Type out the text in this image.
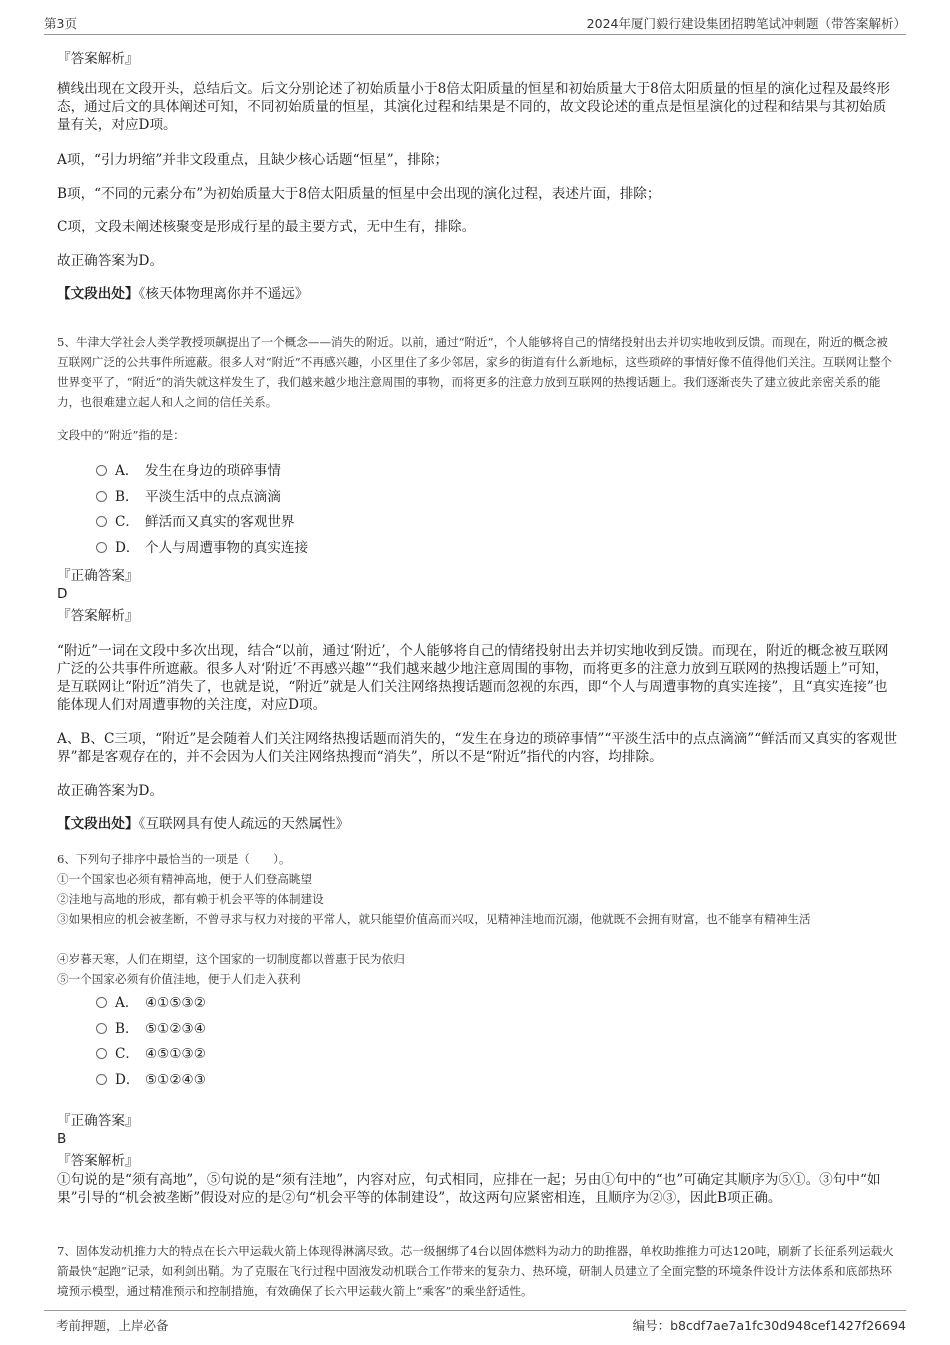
第3页	2024年厦门毅行建设集团招聘笔试冲刺题（带答案解析）
『答案解析』
横线出现在文段开头，总结后文。后文分别论述了初始质量小于8倍太阳质量的恒星和初始质量大于8倍太阳质量的恒星的演化过程及最终形态，通过后文的具体阐述可知，不同初始质量的恒星，其演化过程和结果是不同的，故文段论述的重点是恒星演化的过程和结果与其初始质量有关，对应D项。
A项，“引力坍缩”并非文段重点，且缺少核心话题“恒星”，排除；
B项，“不同的元素分布”为初始质量大于8倍太阳质量的恒星中会出现的演化过程，表述片面，排除；
C项，文段未阐述核聚变是形成行星的最主要方式，无中生有，排除。
故正确答案为D。
【文段出处】《核天体物理离你并不遥远》
5、牛津大学社会人类学教授项飙提出了一个概念——消失的附近。以前，通过“附近”，个人能够将自己的情绪投射出去并切实地收到反馈。而现在，附近的概念被互联网广泛的公共事件所遮蔽。很多人对“附近”不再感兴趣，小区里住了多少邻居，家乡的街道有什么新地标，这些琐碎的事情好像不值得他们关注。互联网让整个世界变平了，“附近”的消失就这样发生了，我们越来越少地注意周围的事物，而将更多的注意力放到互联网的热搜话题上。我们逐渐丧失了建立彼此亲密关系的能力，也很难建立起人和人之间的信任关系。
文段中的“附近”指的是：
A． 发生在身边的琐碎事情
B． 平淡生活中的点点滴滴
C． 鲜活而又真实的客观世界
D． 个人与周遭事物的真实连接
『正确答案』
D
『答案解析』
“附近”一词在文段中多次出现，结合“以前，通过‘附近’，个人能够将自己的情绪投射出去并切实地收到反馈。而现在，附近的概念被互联网广泛的公共事件所遮蔽。很多人对‘附近’不再感兴趣”“我们越来越少地注意周围的事物，而将更多的注意力放到互联网的热搜话题上”可知，是互联网让“附近”消失了，也就是说，“附近”就是人们关注网络热搜话题而忽视的东西，即“个人与周遭事物的真实连接”，且“真实连接”也能体现人们对周遭事物的关注度，对应D项。
A、B、C三项，“附近”是会随着人们关注网络热搜话题而消失的，“发生在身边的琐碎事情”“平淡生活中的点点滴滴”“鲜活而又真实的客观世界”都是客观存在的，并不会因为人们关注网络热搜而“消失”，所以不是“附近”指代的内容，均排除。
故正确答案为D。
【文段出处】《互联网具有使人疏远的天然属性》
6、下列句子排序中最恰当的一项是（　　）。
①一个国家也必须有精神高地，便于人们登高眺望
②洼地与高地的形成，都有赖于机会平等的体制建设
③如果相应的机会被垄断，不曾寻求与权力对接的平常人，就只能望价值高而兴叹，见精神洼地而沉溺，他就既不会拥有财富，也不能享有精神生活
④岁暮天寒，人们在期望，这个国家的一切制度都以普惠于民为依归
⑤一个国家必须有价值洼地，便于人们走入获利
A． ④①⑤③②
B． ⑤①②③④
C． ④⑤①③②
D． ⑤①②④③
『正确答案』
B
『答案解析』
①句说的是“须有高地”，⑤句说的是“须有洼地”，内容对应，句式相同，应排在一起；另由①句中的“也”可确定其顺序为⑤①。③句中“如果”引导的“机会被垄断”假设对应的是②句“机会平等的体制建设”，故这两句应紧密相连，且顺序为②③，因此B项正确。
7、固体发动机推力大的特点在长六甲运载火箭上体现得淋漓尽致。芯一级捆绑了4台以固体燃料为动力的助推器，单枚助推推力可达120吨，刷新了长征系列运载火箭最快“起跑”记录，如利剑出鞘。为了克服在飞行过程中固液发动机联合工作带来的复杂力、热环境，研制人员建立了全面完整的环境条件设计方法体系和底部热环境预示模型，通过精准预示和控制措施，有效确保了长六甲运载火箭上“乘客”的乘坐舒适性。
考前押题，上岸必备	编号：b8cdf7ae7a1fc30d948cef1427f26694
